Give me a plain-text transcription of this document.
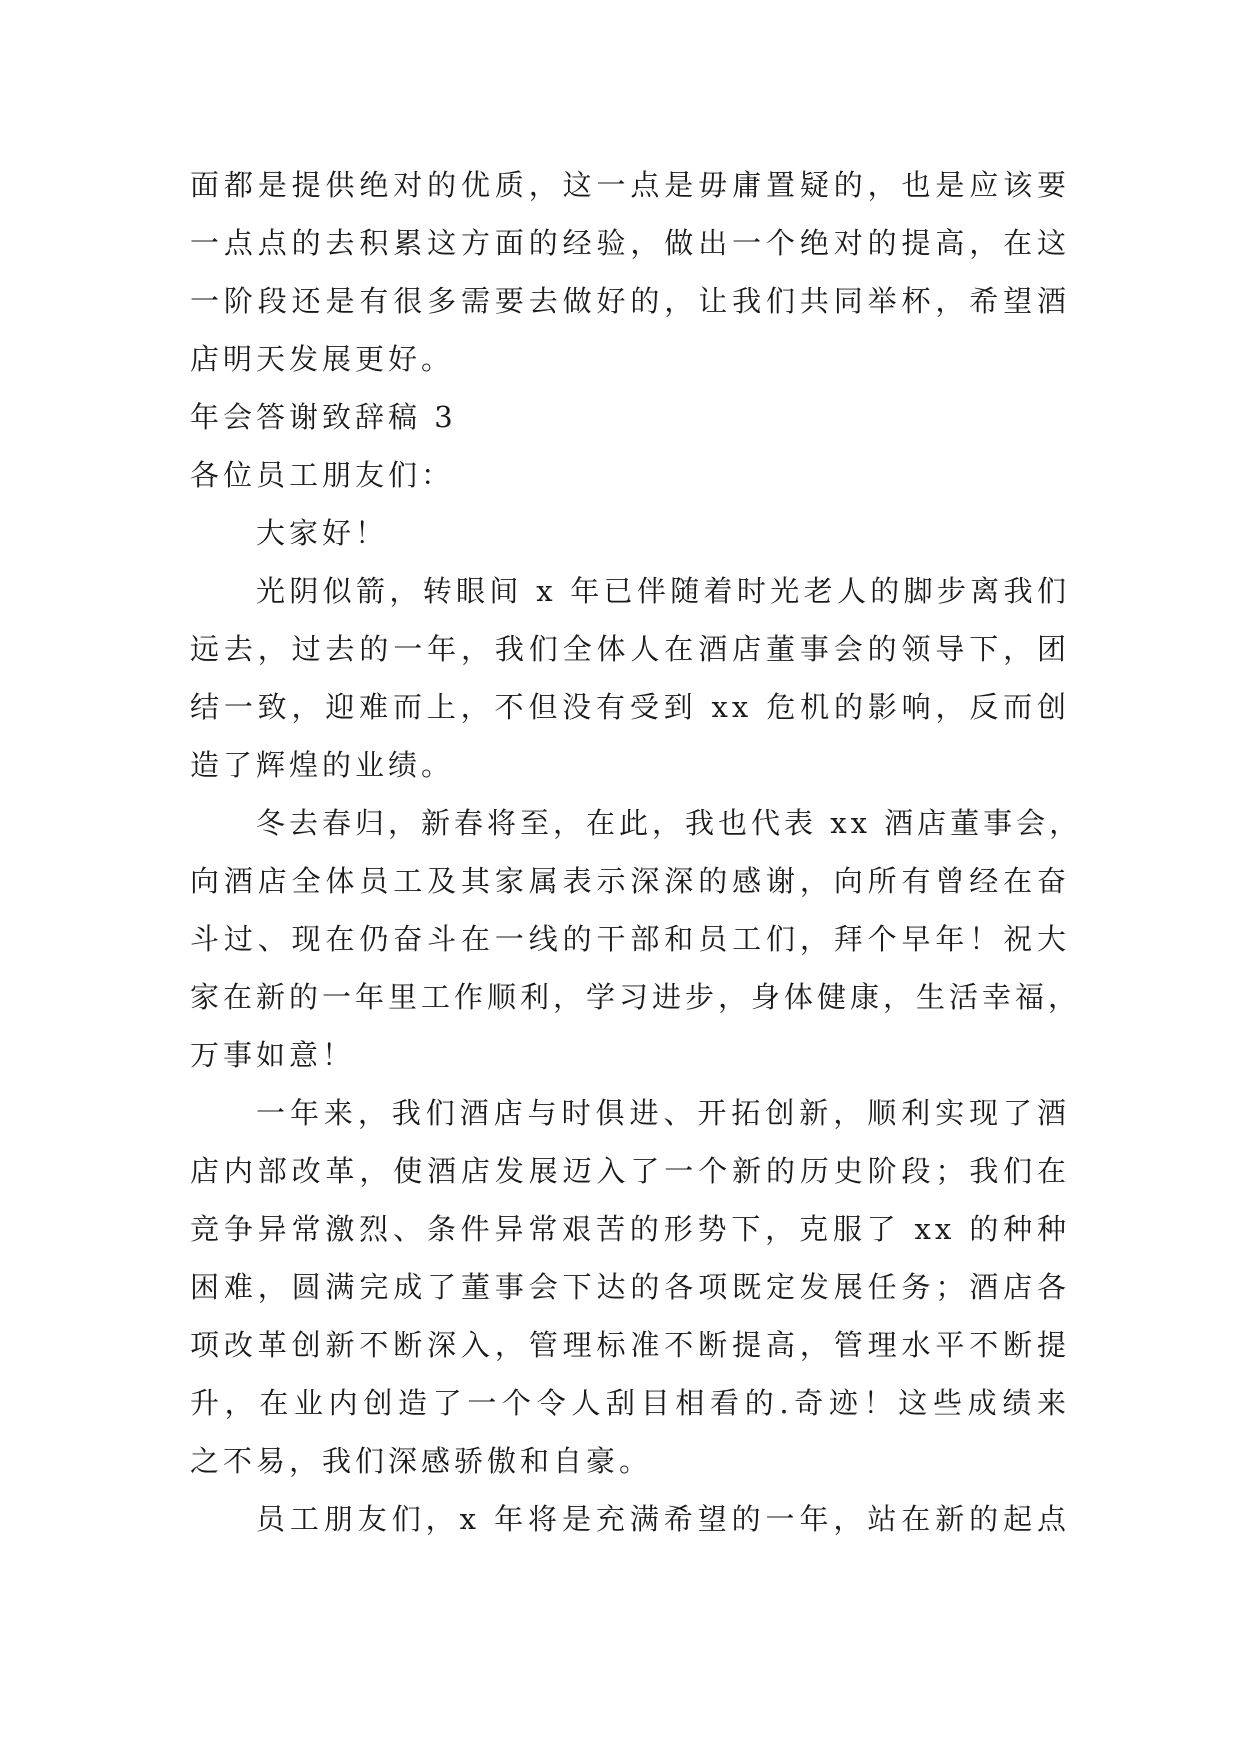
面都是提供绝对的优质，这一点是毋庸置疑的，也是应该要
一点点的去积累这方面的经验，做出一个绝对的提高，在这
一阶段还是有很多需要去做好的，让我们共同举杯，希望酒
店明天发展更好。
年会答谢致辞稿 3
各位员工朋友们：
大家好！
光阴似箭，转眼间 x 年已伴随着时光老人的脚步离我们
远去，过去的一年，我们全体人在酒店董事会的领导下，团
结一致，迎难而上，不但没有受到 xx 危机的影响，反而创
造了辉煌的业绩。
冬去春归，新春将至，在此，我也代表 xx 酒店董事会，
向酒店全体员工及其家属表示深深的感谢，向所有曾经在奋
斗过、现在仍奋斗在一线的干部和员工们，拜个早年！祝大
家在新的一年里工作顺利，学习进步，身体健康，生活幸福，
万事如意！
一年来，我们酒店与时俱进、开拓创新，顺利实现了酒
店内部改革，使酒店发展迈入了一个新的历史阶段；我们在
竞争异常激烈、条件异常艰苦的形势下，克服了 xx 的种种
困难，圆满完成了董事会下达的各项既定发展任务；酒店各
项改革创新不断深入，管理标准不断提高，管理水平不断提
升，在业内创造了一个令人刮目相看的.奇迹！这些成绩来
之不易，我们深感骄傲和自豪。
员工朋友们，x 年将是充满希望的一年，站在新的起点
